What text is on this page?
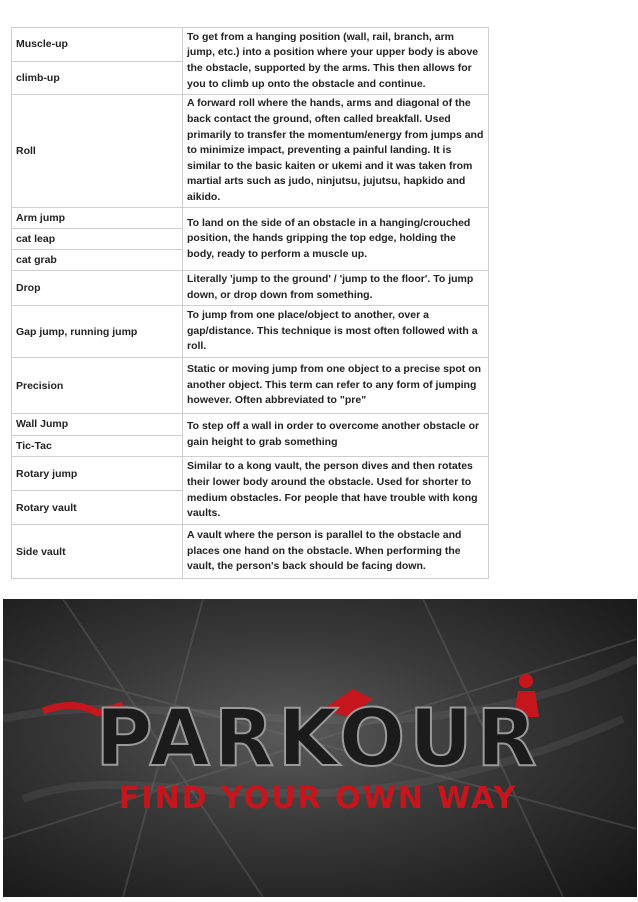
Muscle-up
climb-up
To get from a hanging position (wall, rail, branch, arm jump, etc.) into a position where your upper body is above the obstacle, supported by the arms. This then allows for you to climb up onto the obstacle and continue.
Roll
A forward roll where the hands, arms and diagonal of the back contact the ground, often called breakfall. Used primarily to transfer the momentum/energy from jumps and to minimize impact, preventing a painful landing. It is similar to the basic kaiten or ukemi and it was taken from martial arts such as judo, ninjutsu, jujutsu, hapkido and aikido.
Arm jump
cat leap
cat grab
To land on the side of an obstacle in a hanging/crouched position, the hands gripping the top edge, holding the body, ready to perform a muscle up.
Drop
Literally 'jump to the ground' / 'jump to the floor'. To jump down, or drop down from something.
Gap jump, running jump
To jump from one place/object to another, over a gap/distance. This technique is most often followed with a roll.
Precision
Static or moving jump from one object to a precise spot on another object. This term can refer to any form of jumping however. Often abbreviated to "pre"
Wall Jump
Tic-Tac
To step off a wall in order to overcome another obstacle or gain height to grab something
Rotary jump
Rotary vault
Similar to a kong vault, the person dives and then rotates their lower body around the obstacle. Used for shorter to medium obstacles. For people that have trouble with kong vaults.
Side vault
A vault where the person is parallel to the obstacle and places one hand on the obstacle. When performing the vault, the person's back should be facing down.
PARKOUR
FIND YOUR OWN WAY
